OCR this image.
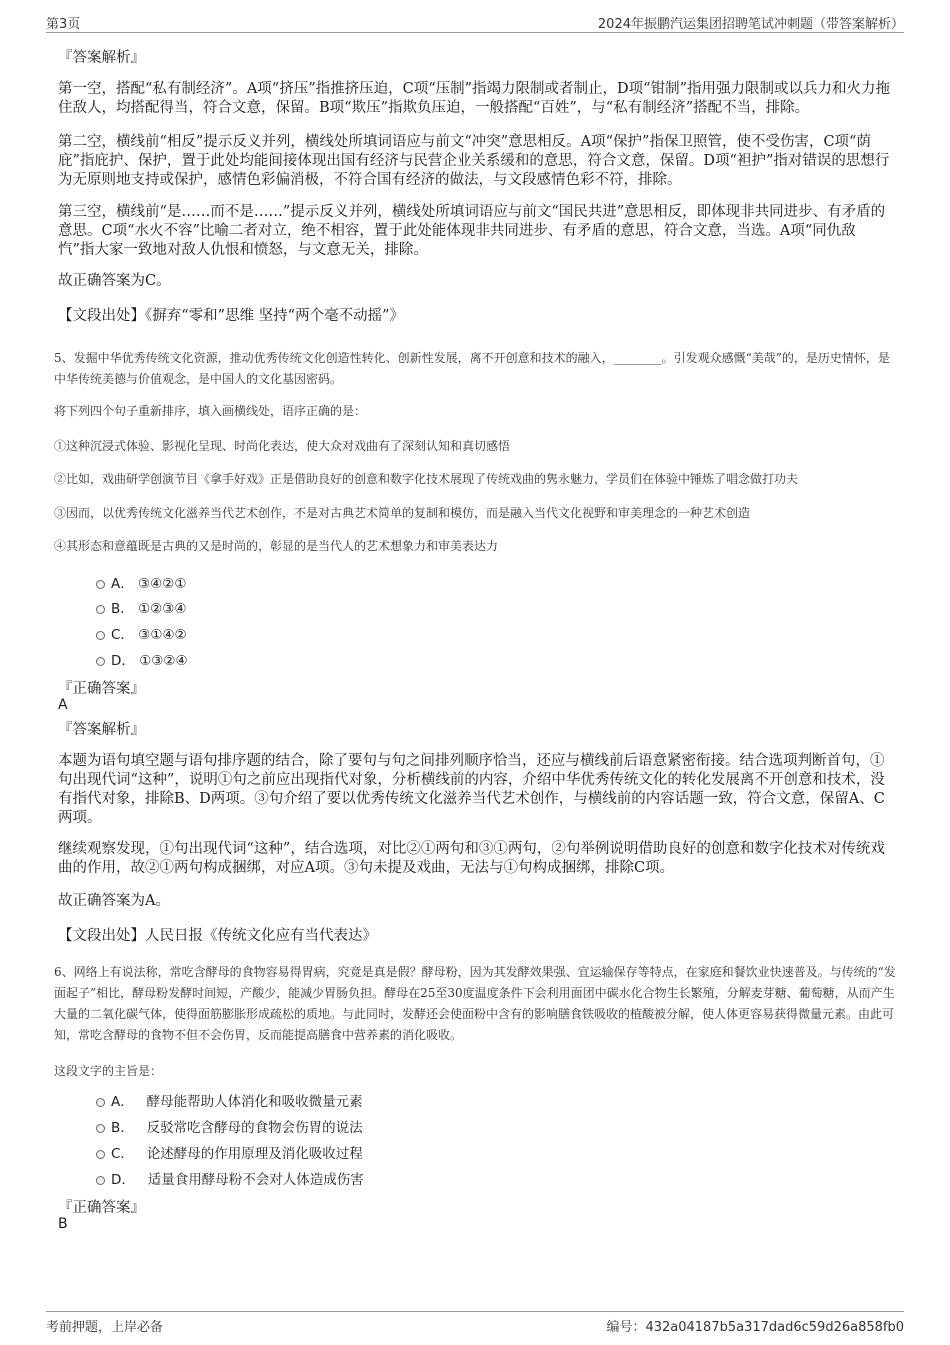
第3页	2024年振鹏汽运集团招聘笔试冲刺题（带答案解析）
『答案解析』

第一空，搭配“私有制经济”。A项“挤压”指推挤压迫，C项“压制”指竭力限制或者制止，D项“钳制”指用强力限制或以兵力和火力拖住敌人，均搭配得当，符合文意，保留。B项“欺压”指欺负压迫，一般搭配“百姓”，与“私有制经济”搭配不当，排除。

第二空，横线前“相反”提示反义并列，横线处所填词语应与前文“冲突”意思相反。A项“保护”指保卫照管，使不受伤害，C项“荫庇”指庇护、保护，置于此处均能间接体现出国有经济与民营企业关系缓和的意思，符合文意，保留。D项“袒护”指对错误的思想行为无原则地支持或保护，感情色彩偏消极，不符合国有经济的做法，与文段感情色彩不符，排除。

第三空，横线前“是……而不是……”提示反义并列，横线处所填词语应与前文“国民共进”意思相反，即体现非共同进步、有矛盾的意思。C项“水火不容”比喻二者对立，绝不相容，置于此处能体现非共同进步、有矛盾的意思，符合文意，当选。A项“同仇敌忾”指大家一致地对敌人仇恨和愤怒，与文意无关，排除。

故正确答案为C。

【文段出处】《摒弃“零和”思维 坚持“两个毫不动摇”》

5、发掘中华优秀传统文化资源，推动优秀传统文化创造性转化、创新性发展，离不开创意和技术的融入，________。引发观众感慨“美哉”的，是历史情怀，是中华传统美德与价值观念，是中国人的文化基因密码。

将下列四个句子重新排序，填入画横线处，语序正确的是：

①这种沉浸式体验、影视化呈现、时尚化表达，使大众对戏曲有了深刻认知和真切感悟

②比如，戏曲研学创演节目《拿手好戏》正是借助良好的创意和数字化技术展现了传统戏曲的隽永魅力，学员们在体验中锤炼了唱念做打功夫

③因而，以优秀传统文化滋养当代艺术创作，不是对古典艺术简单的复制和模仿，而是融入当代文化视野和审美理念的一种艺术创造

④其形态和意蕴既是古典的又是时尚的，彰显的是当代人的艺术想象力和审美表达力

A． ③④②①
B． ①②③④
C． ③①④②
D． ①③②④
『正确答案』
A
『答案解析』

本题为语句填空题与语句排序题的结合，除了要句与句之间排列顺序恰当，还应与横线前后语意紧密衔接。结合选项判断首句，①句出现代词“这种”，说明①句之前应出现指代对象，分析横线前的内容，介绍中华优秀传统文化的转化发展离不开创意和技术，没有指代对象，排除B、D两项。③句介绍了要以优秀传统文化滋养当代艺术创作，与横线前的内容话题一致，符合文意，保留A、C两项。

继续观察发现，①句出现代词“这种”，结合选项，对比②①两句和③①两句，②句举例说明借助良好的创意和数字化技术对传统戏曲的作用，故②①两句构成捆绑，对应A项。③句未提及戏曲，无法与①句构成捆绑，排除C项。

故正确答案为A。

【文段出处】人民日报《传统文化应有当代表达》

6、网络上有说法称，常吃含酵母的食物容易得胃病，究竟是真是假？酵母粉，因为其发酵效果强、宜运输保存等特点，在家庭和餐饮业快速普及。与传统的“发面起子”相比，酵母粉发酵时间短，产酸少，能减少胃肠负担。酵母在25至30度温度条件下会利用面团中碳水化合物生长繁殖，分解麦芽糖、葡萄糖，从而产生大量的二氧化碳气体，使得面筋膨胀形成疏松的质地。与此同时，发酵还会使面粉中含有的影响膳食铁吸收的植酸被分解，使人体更容易获得微量元素。由此可知，常吃含酵母的食物不但不会伤胃，反而能提高膳食中营养素的消化吸收。

这段文字的主旨是：

A． 酵母能帮助人体消化和吸收微量元素
B． 反驳常吃含酵母的食物会伤胃的说法
C． 论述酵母的作用原理及消化吸收过程
D． 适量食用酵母粉不会对人体造成伤害
『正确答案』
B
考前押题，上岸必备	编号：432a04187b5a317dad6c59d26a858fb0
